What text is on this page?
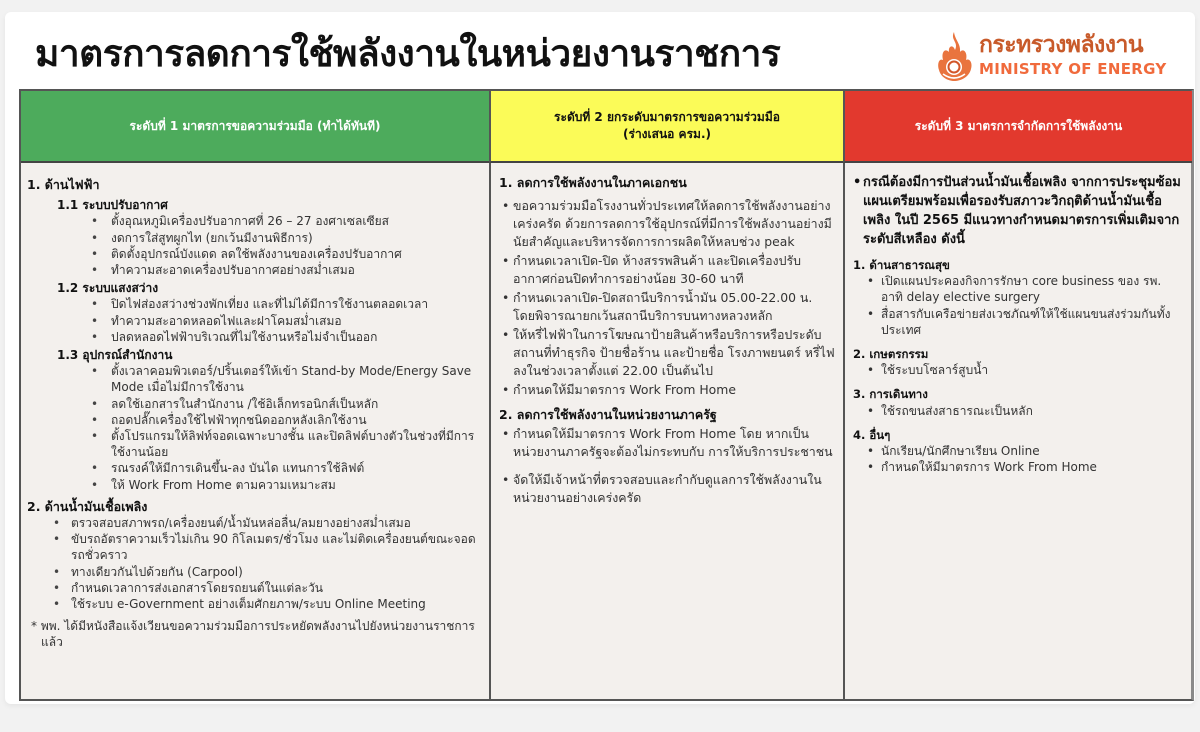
มาตรการลดการใช้พลังงานในหน่วยงานราชการ	กระทรวงพลังงาน
MINISTRY OF ENERGY
ระดับที่ 1 มาตรการขอความร่วมมือ (ทำได้ทันที)
ระดับที่ 2 ยกระดับมาตรการขอความร่วมมือ (ร่างเสนอ ครม.)
ระดับที่ 3 มาตรการจำกัดการใช้พลังงาน
1. ด้านไฟฟ้า
1.1 ระบบปรับอากาศ
• ตั้งอุณหภูมิเครื่องปรับอากาศที่ 26 – 27 องศาเซลเซียส
• งดการใส่สูทผูกไท (ยกเว้นมีงานพิธีการ)
• ติดตั้งอุปกรณ์บังแดด ลดใช้พลังงานของเครื่องปรับอากาศ
• ทำความสะอาดเครื่องปรับอากาศอย่างสม่ำเสมอ
1.2 ระบบแสงสว่าง
• ปิดไฟส่องสว่างช่วงพักเที่ยง และที่ไม่ได้มีการใช้งานตลอดเวลา
• ทำความสะอาดหลอดไฟและฝาโคมสม่ำเสมอ
• ปลดหลอดไฟฟ้าบริเวณที่ไม่ใช้งานหรือไม่จำเป็นออก
1.3 อุปกรณ์สำนักงาน
• ตั้งเวลาคอมพิวเตอร์/ปริ้นเตอร์ให้เข้า Stand-by Mode/Energy Save Mode เมื่อไม่มีการใช้งาน
• ลดใช้เอกสารในสำนักงาน /ใช้อิเล็กทรอนิกส์เป็นหลัก
• ถอดปลั๊กเครื่องใช้ไฟฟ้าทุกชนิดออกหลังเลิกใช้งาน
• ตั้งโปรแกรมให้ลิฟท์จอดเฉพาะบางชั้น และปิดลิฟต์บางตัวในช่วงที่มีการใช้งานน้อย
• รณรงค์ให้มีการเดินขึ้น-ลง บันได แทนการใช้ลิฟต์
• ให้ Work From Home ตามความเหมาะสม
2. ด้านน้ำมันเชื้อเพลิง
• ตรวจสอบสภาพรถ/เครื่องยนต์/น้ำมันหล่อลื่น/ลมยางอย่างสม่ำเสมอ
• ขับรถอัตราความเร็วไม่เกิน 90 กิโลเมตร/ชั่วโมง และไม่ติดเครื่องยนต์ขณะจอดรถชั่วคราว
• ทางเดียวกันไปด้วยกัน (Carpool)
• กำหนดเวลาการส่งเอกสารโดยรถยนต์ในแต่ละวัน
• ใช้ระบบ e-Government อย่างเต็มศักยภาพ/ระบบ Online Meeting
* พพ. ได้มีหนังสือแจ้งเวียนขอความร่วมมือการประหยัดพลังงานไปยังหน่วยงานราชการแล้ว
1. ลดการใช้พลังงานในภาคเอกชน
• ขอความร่วมมือโรงงานทั่วประเทศให้ลดการใช้พลังงานอย่างเคร่งครัด ด้วยการลดการใช้อุปกรณ์ที่มีการใช้พลังงานอย่างมีนัยสำคัญและบริหารจัดการการผลิตให้หลบช่วง peak
• กำหนดเวลาเปิด-ปิด ห้างสรรพสินค้า และปิดเครื่องปรับอากาศก่อนปิดทำการอย่างน้อย 30-60 นาที
• กำหนดเวลาเปิด-ปิดสถานีบริการน้ำมัน 05.00-22.00 น. โดยพิจารณายกเว้นสถานีบริการบนทางหลวงหลัก
• ให้หรี่ไฟฟ้าในการโฆษณาป้ายสินค้าหรือบริการหรือประดับสถานที่ทำธุรกิจ ป้ายชื่อร้าน และป้ายชื่อ โรงภาพยนตร์ หรี่ไฟลงในช่วงเวลาตั้งแต่ 22.00 เป็นต้นไป
• กำหนดให้มีมาตรการ Work From Home
2. ลดการใช้พลังงานในหน่วยงานภาครัฐ
• กำหนดให้มีมาตรการ Work From Home โดย หากเป็นหน่วยงานภาครัฐจะต้องไม่กระทบกับ การให้บริการประชาชน
• จัดให้มีเจ้าหน้าที่ตรวจสอบและกำกับดูแลการใช้พลังงานในหน่วยงานอย่างเคร่งครัด
• กรณีต้องมีการปันส่วนน้ำมันเชื้อเพลิง จากการประชุมซ้อมแผนเตรียมพร้อมเพื่อรองรับสภาวะวิกฤติด้านน้ำมันเชื้อเพลิง ในปี 2565 มีแนวทางกำหนดมาตรการเพิ่มเติมจากระดับสีเหลือง ดังนี้
1. ด้านสาธารณสุข
• เปิดแผนประคองกิจการรักษา core business ของ รพ. อาทิ delay elective surgery
• สื่อสารกับเครือข่ายส่งเวชภัณฑ์ให้ใช้แผนขนส่งร่วมกันทั้งประเทศ
2. เกษตรกรรม
• ใช้ระบบโซลาร์สูบน้ำ
3. การเดินทาง
• ใช้รถขนส่งสาธารณะเป็นหลัก
4. อื่นๆ
• นักเรียน/นักศึกษาเรียน Online
• กำหนดให้มีมาตรการ Work From Home
